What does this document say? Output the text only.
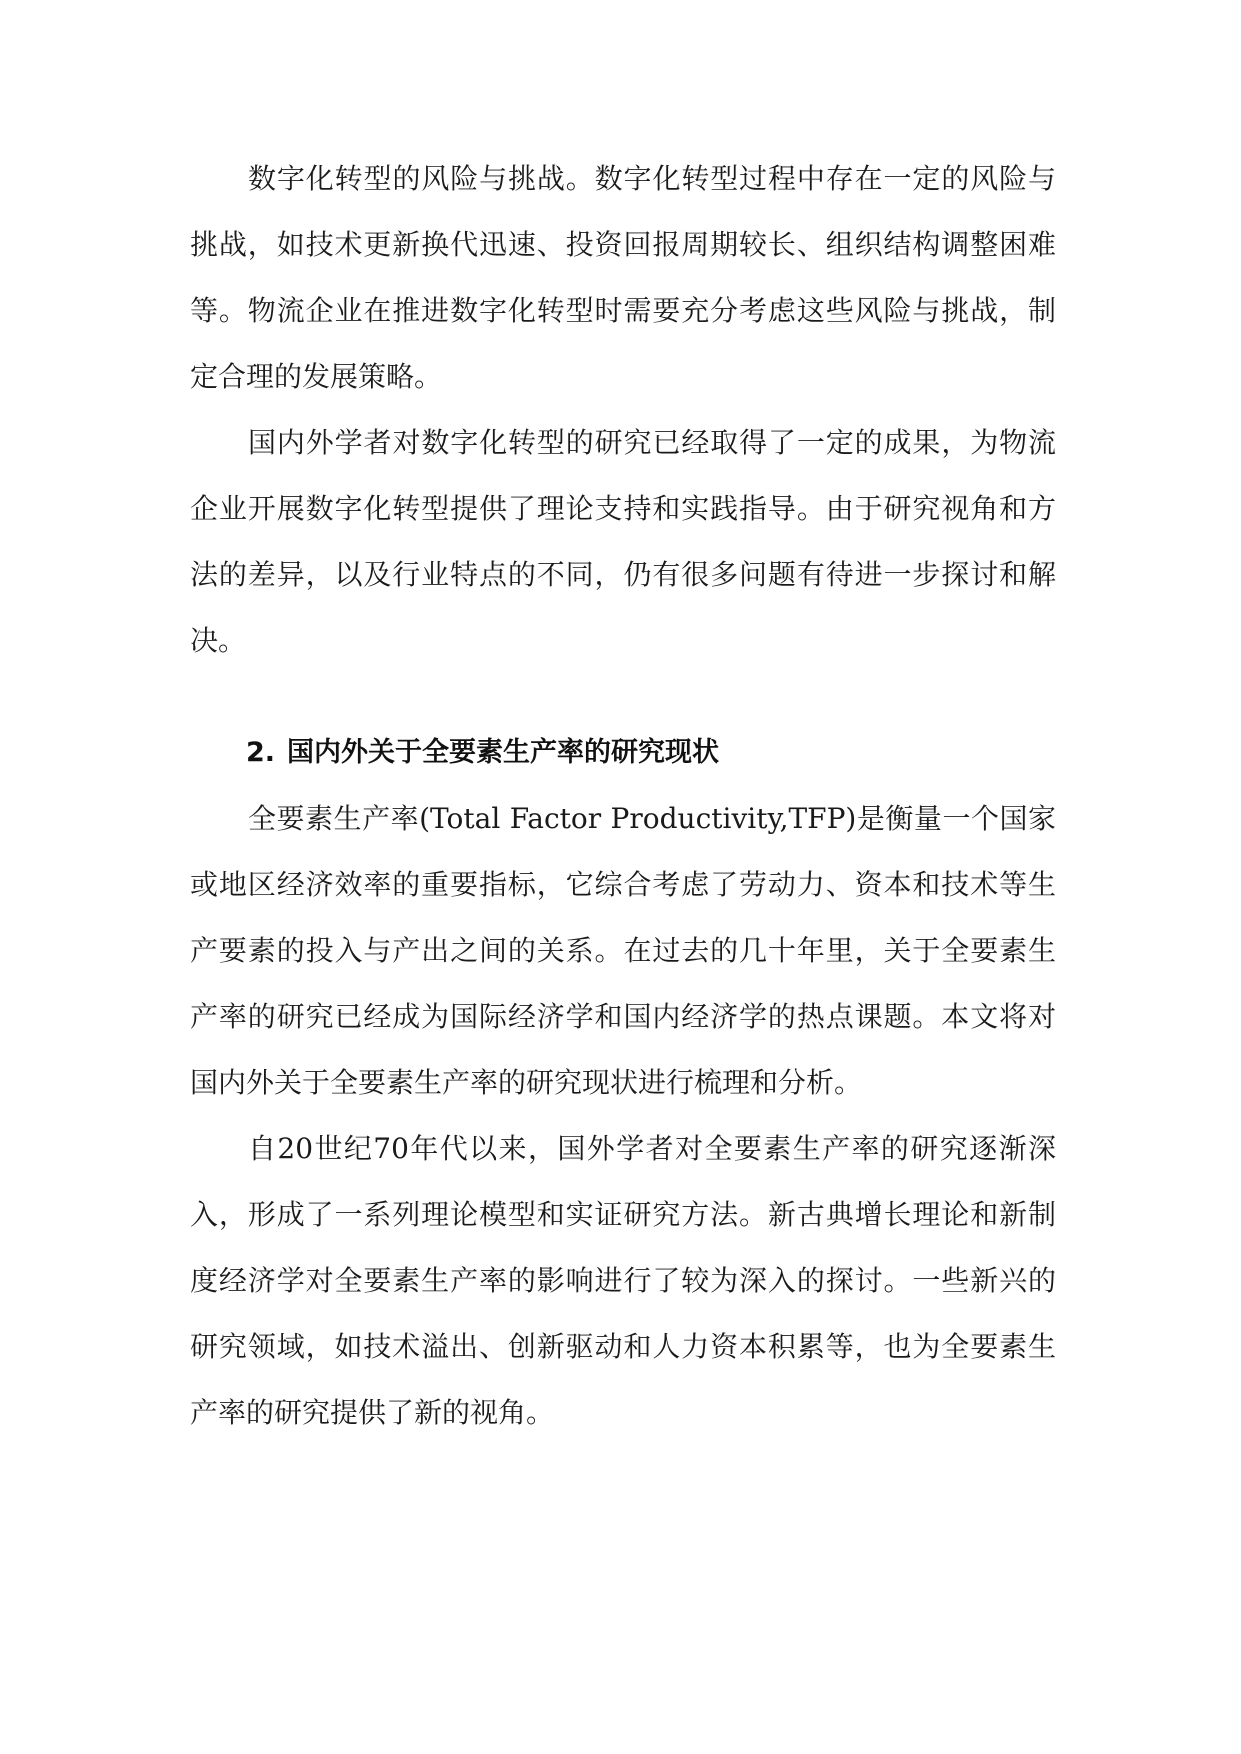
数字化转型的风险与挑战。数字化转型过程中存在一定的风险与挑战，如技术更新换代迅速、投资回报周期较长、组织结构调整困难等。物流企业在推进数字化转型时需要充分考虑这些风险与挑战，制定合理的发展策略。

国内外学者对数字化转型的研究已经取得了一定的成果，为物流企业开展数字化转型提供了理论支持和实践指导。由于研究视角和方法的差异，以及行业特点的不同，仍有很多问题有待进一步探讨和解决。

2. 国内外关于全要素生产率的研究现状

全要素生产率(Total Factor Productivity,TFP)是衡量一个国家或地区经济效率的重要指标，它综合考虑了劳动力、资本和技术等生产要素的投入与产出之间的关系。在过去的几十年里，关于全要素生产率的研究已经成为国际经济学和国内经济学的热点课题。本文将对国内外关于全要素生产率的研究现状进行梳理和分析。

自20世纪70年代以来，国外学者对全要素生产率的研究逐渐深入，形成了一系列理论模型和实证研究方法。新古典增长理论和新制度经济学对全要素生产率的影响进行了较为深入的探讨。一些新兴的研究领域，如技术溢出、创新驱动和人力资本积累等，也为全要素生产率的研究提供了新的视角。
